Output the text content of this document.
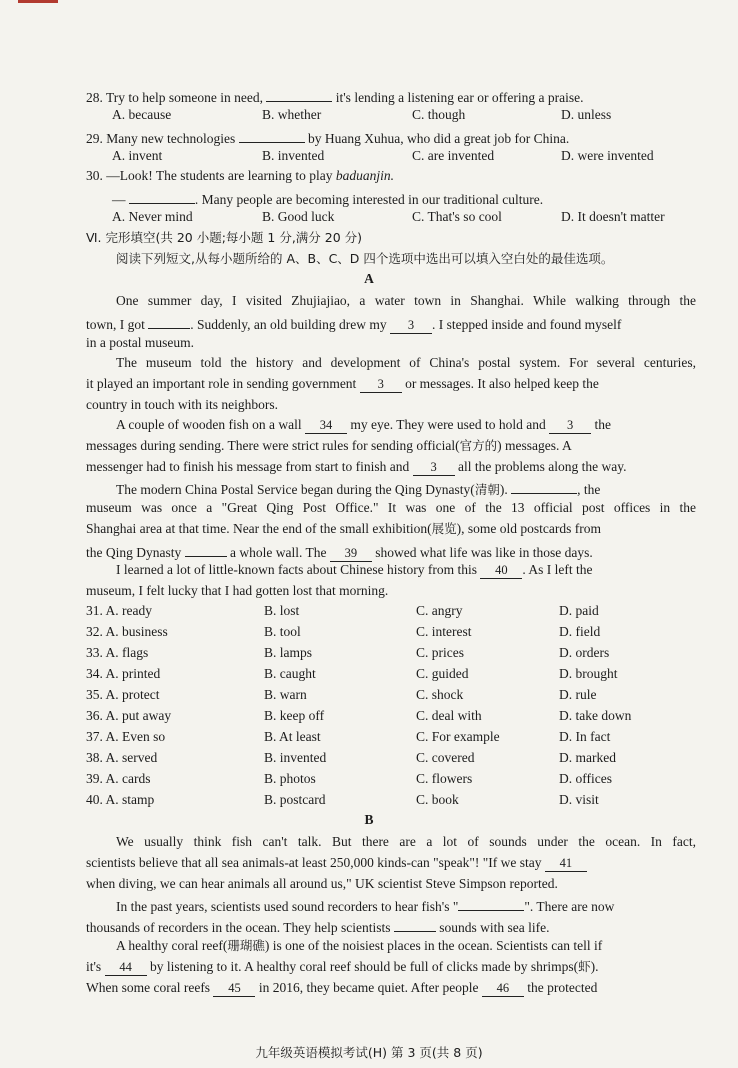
28. Try to help someone in need,	it's lending a listening ear or offering a praise.
A. because	B. whether	C. though	D. unless
29. Many new technologies	by Huang Xuhua, who did a great job for China.
A. invent	B. invented	C. are invented	D. were invented
30. —Look! The students are learning to play baduanjin.
—	. Many people are becoming interested in our traditional culture.
A. Never mind	B. Good luck	C. That's so cool	D. It doesn't matter
Ⅵ. 完形填空(共 20 小题;每小题 1 分,满分 20 分)
阅读下列短文,从每小题所给的 A、B、C、D 四个选项中选出可以填入空白处的最佳选项。
A
One summer day, I visited Zhujiajiao, a water town in Shanghai. While walking through the
town, I got	. Suddenly, an old building drew my 3 . I stepped inside and found myself
in a postal museum.
The museum told the history and development of China's postal system. For several centuries,
it played an important role in sending government 3 or messages. It also helped keep the
country in touch with its neighbors.
A couple of wooden fish on a wall 34 my eye. They were used to hold and 3 the
messages during sending. There were strict rules for sending official(官方的) messages. A
messenger had to finish his message from start to finish and 3 all the problems along the way.
The modern China Postal Service began during the Qing Dynasty(清朝).	, the
museum was once a "Great Qing Post Office." It was one of the 13 official post offices in the
Shanghai area at that time. Near the end of the small exhibition(展览), some old postcards from
the Qing Dynasty	a whole wall. The 39 showed what life was like in those days.
I learned a lot of little-known facts about Chinese history from this 40 . As I left the
museum, I felt lucky that I had gotten lost that morning.
31. A. ready	B. lost	C. angry	D. paid
32. A. business	B. tool	C. interest	D. field
33. A. flags	B. lamps	C. prices	D. orders
34. A. printed	B. caught	C. guided	D. brought
35. A. protect	B. warn	C. shock	D. rule
36. A. put away	B. keep off	C. deal with	D. take down
37. A. Even so	B. At least	C. For example	D. In fact
38. A. served	B. invented	C. covered	D. marked
39. A. cards	B. photos	C. flowers	D. offices
40. A. stamp	B. postcard	C. book	D. visit
B
We usually think fish can't talk. But there are a lot of sounds under the ocean. In fact,
scientists believe that all sea animals-at least 250,000 kinds-can "speak"! "If we stay 41
when diving, we can hear animals all around us," UK scientist Steve Simpson reported.
In the past years, scientists used sound recorders to hear fish's "	". There are now
thousands of recorders in the ocean. They help scientists	sounds with sea life.
A healthy coral reef(珊瑚礁) is one of the noisiest places in the ocean. Scientists can tell if
it's 44 by listening to it. A healthy coral reef should be full of clicks made by shrimps(虾).
When some coral reefs 45 in 2016, they became quiet. After people 46 the protected
九年级英语模拟考试(H) 第 3 页(共 8 页)
